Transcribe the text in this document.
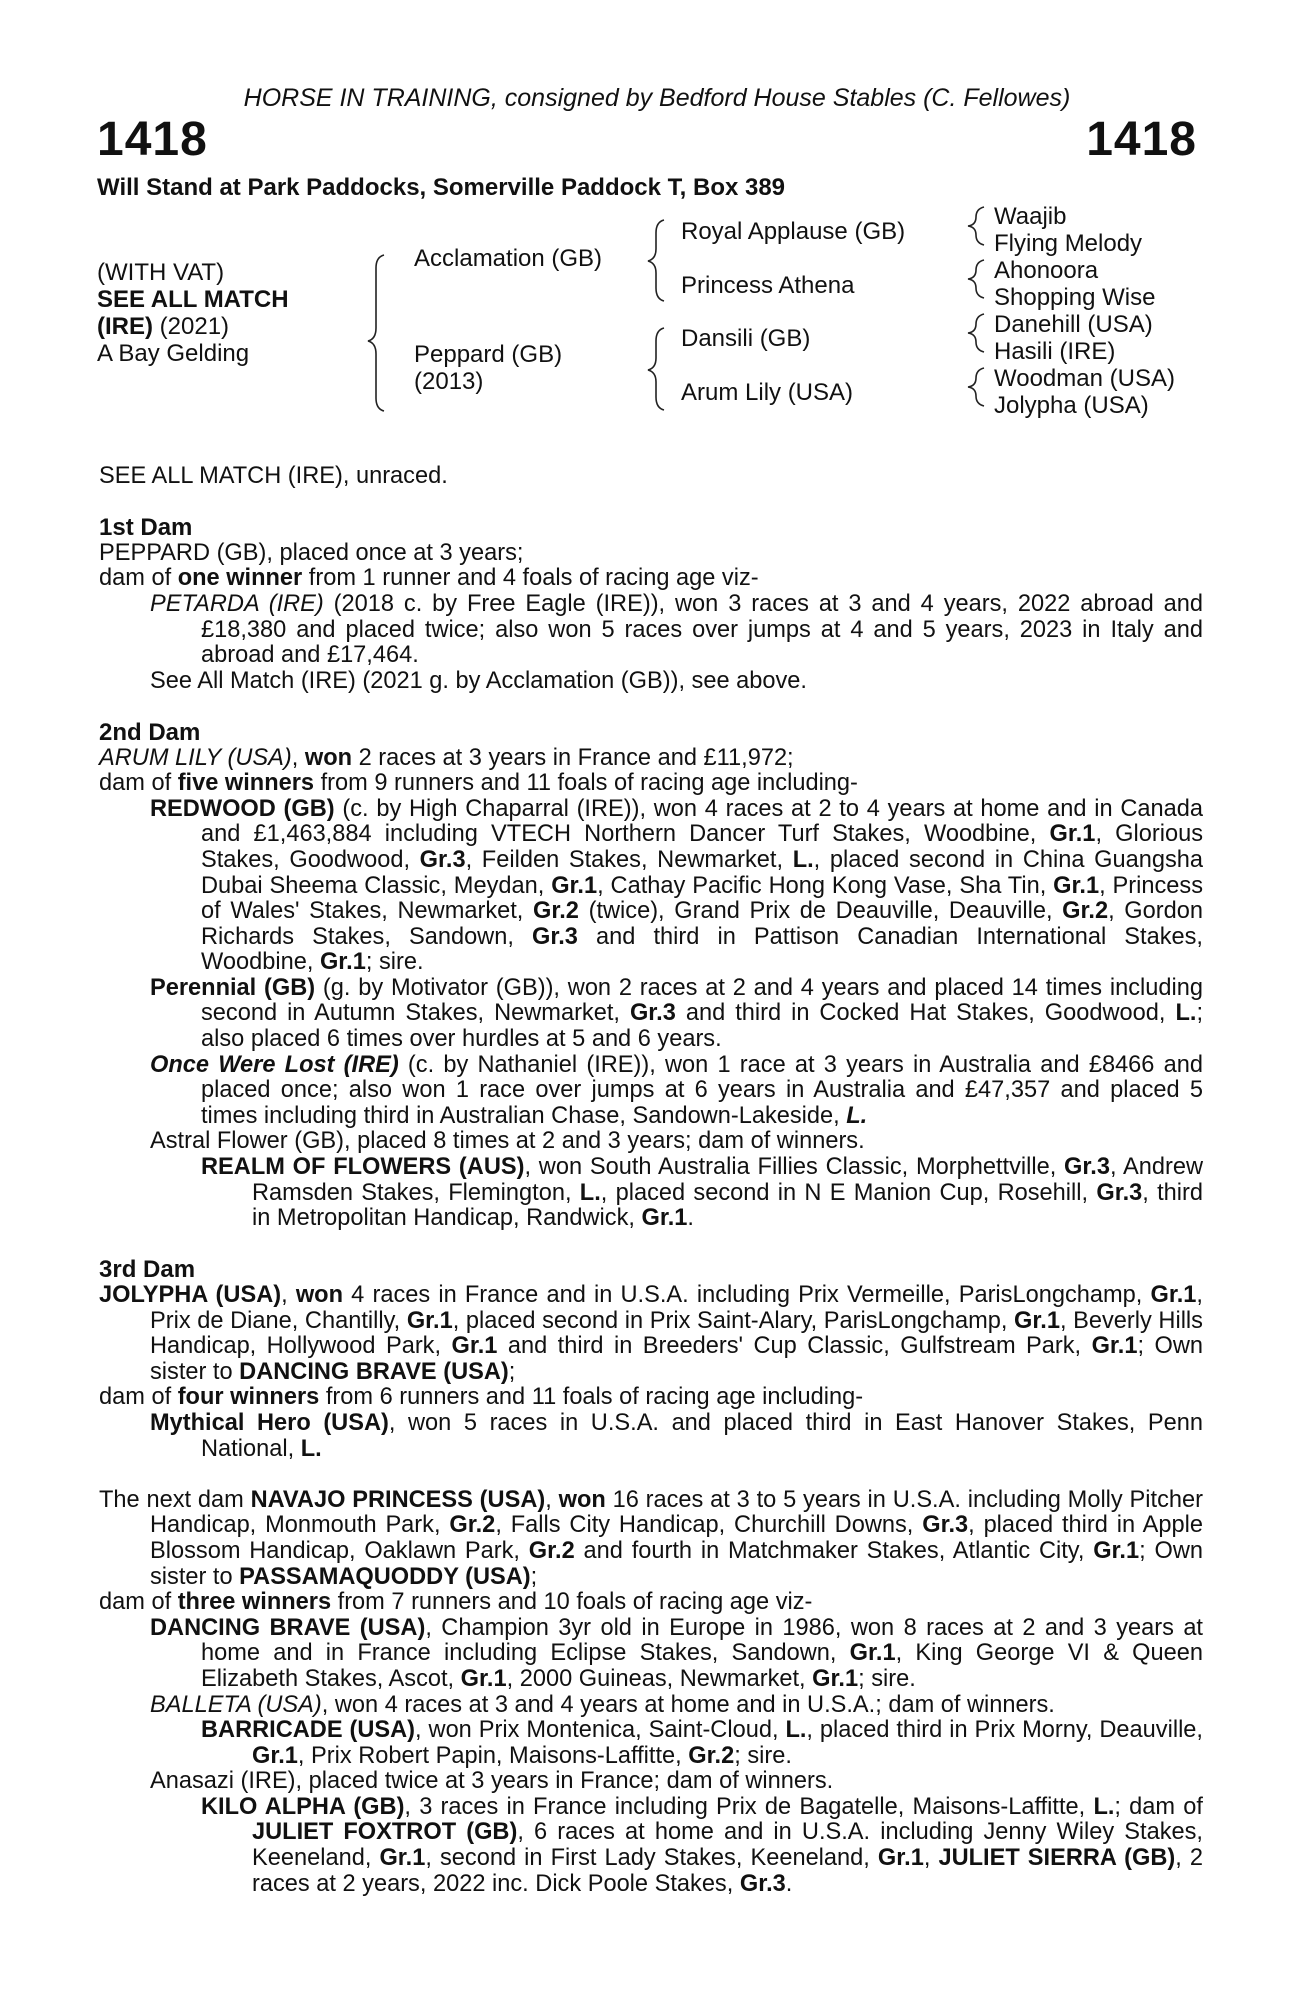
HORSE IN TRAINING, consigned by Bedford House Stables (C. Fellowes)
1418	1418
Will Stand at Park Paddocks, Somerville Paddock T, Box 389
(WITH VAT)
SEE ALL MATCH
(IRE) (2021)
A Bay Gelding
Acclamation (GB)
Peppard (GB)
(2013)
Royal Applause (GB)
Princess Athena
Dansili (GB)
Arum Lily (USA)
Waajib
Flying Melody
Ahonoora
Shopping Wise
Danehill (USA)
Hasili (IRE)
Woodman (USA)
Jolypha (USA)

SEE ALL MATCH (IRE), unraced.

1st Dam

PEPPARD (GB), placed once at 3 years;

dam of one winner from 1 runner and 4 foals of racing age viz-

PETARDA (IRE) (2018 c. by Free Eagle (IRE)), won 3 races at 3 and 4 years, 2022 abroad and £18,380 and placed twice; also won 5 races over jumps at 4 and 5 years, 2023 in Italy and abroad and £17,464.

See All Match (IRE) (2021 g. by Acclamation (GB)), see above.

2nd Dam

ARUM LILY (USA), won 2 races at 3 years in France and £11,972;

dam of five winners from 9 runners and 11 foals of racing age including-

REDWOOD (GB) (c. by High Chaparral (IRE)), won 4 races at 2 to 4 years at home and in Canada and £1,463,884 including VTECH Northern Dancer Turf Stakes, Woodbine, Gr.1, Glorious Stakes, Goodwood, Gr.3, Feilden Stakes, Newmarket, L., placed second in China Guangsha Dubai Sheema Classic, Meydan, Gr.1, Cathay Pacific Hong Kong Vase, Sha Tin, Gr.1, Princess of Wales' Stakes, Newmarket, Gr.2 (twice), Grand Prix de Deauville, Deauville, Gr.2, Gordon Richards Stakes, Sandown, Gr.3 and third in Pattison Canadian International Stakes, Woodbine, Gr.1; sire.

Perennial (GB) (g. by Motivator (GB)), won 2 races at 2 and 4 years and placed 14 times including second in Autumn Stakes, Newmarket, Gr.3 and third in Cocked Hat Stakes, Goodwood, L.; also placed 6 times over hurdles at 5 and 6 years.

Once Were Lost (IRE) (c. by Nathaniel (IRE)), won 1 race at 3 years in Australia and £8466 and placed once; also won 1 race over jumps at 6 years in Australia and £47,357 and placed 5 times including third in Australian Chase, Sandown-Lakeside, L.

Astral Flower (GB), placed 8 times at 2 and 3 years; dam of winners.

REALM OF FLOWERS (AUS), won South Australia Fillies Classic, Morphettville, Gr.3, Andrew Ramsden Stakes, Flemington, L., placed second in N E Manion Cup, Rosehill, Gr.3, third in Metropolitan Handicap, Randwick, Gr.1.

3rd Dam

JOLYPHA (USA), won 4 races in France and in U.S.A. including Prix Vermeille, ParisLongchamp, Gr.1, Prix de Diane, Chantilly, Gr.1, placed second in Prix Saint-Alary, ParisLongchamp, Gr.1, Beverly Hills Handicap, Hollywood Park, Gr.1 and third in Breeders' Cup Classic, Gulfstream Park, Gr.1; Own sister to DANCING BRAVE (USA);

dam of four winners from 6 runners and 11 foals of racing age including-

Mythical Hero (USA), won 5 races in U.S.A. and placed third in East Hanover Stakes, Penn National, L.

The next dam NAVAJO PRINCESS (USA), won 16 races at 3 to 5 years in U.S.A. including Molly Pitcher Handicap, Monmouth Park, Gr.2, Falls City Handicap, Churchill Downs, Gr.3, placed third in Apple Blossom Handicap, Oaklawn Park, Gr.2 and fourth in Matchmaker Stakes, Atlantic City, Gr.1; Own sister to PASSAMAQUODDY (USA);

dam of three winners from 7 runners and 10 foals of racing age viz-

DANCING BRAVE (USA), Champion 3yr old in Europe in 1986, won 8 races at 2 and 3 years at home and in France including Eclipse Stakes, Sandown, Gr.1, King George VI & Queen Elizabeth Stakes, Ascot, Gr.1, 2000 Guineas, Newmarket, Gr.1; sire.

BALLETA (USA), won 4 races at 3 and 4 years at home and in U.S.A.; dam of winners.

BARRICADE (USA), won Prix Montenica, Saint-Cloud, L., placed third in Prix Morny, Deauville, Gr.1, Prix Robert Papin, Maisons-Laffitte, Gr.2; sire.

Anasazi (IRE), placed twice at 3 years in France; dam of winners.

KILO ALPHA (GB), 3 races in France including Prix de Bagatelle, Maisons-Laffitte, L.; dam of JULIET FOXTROT (GB), 6 races at home and in U.S.A. including Jenny Wiley Stakes, Keeneland, Gr.1, second in First Lady Stakes, Keeneland, Gr.1, JULIET SIERRA (GB), 2 races at 2 years, 2022 inc. Dick Poole Stakes, Gr.3.
